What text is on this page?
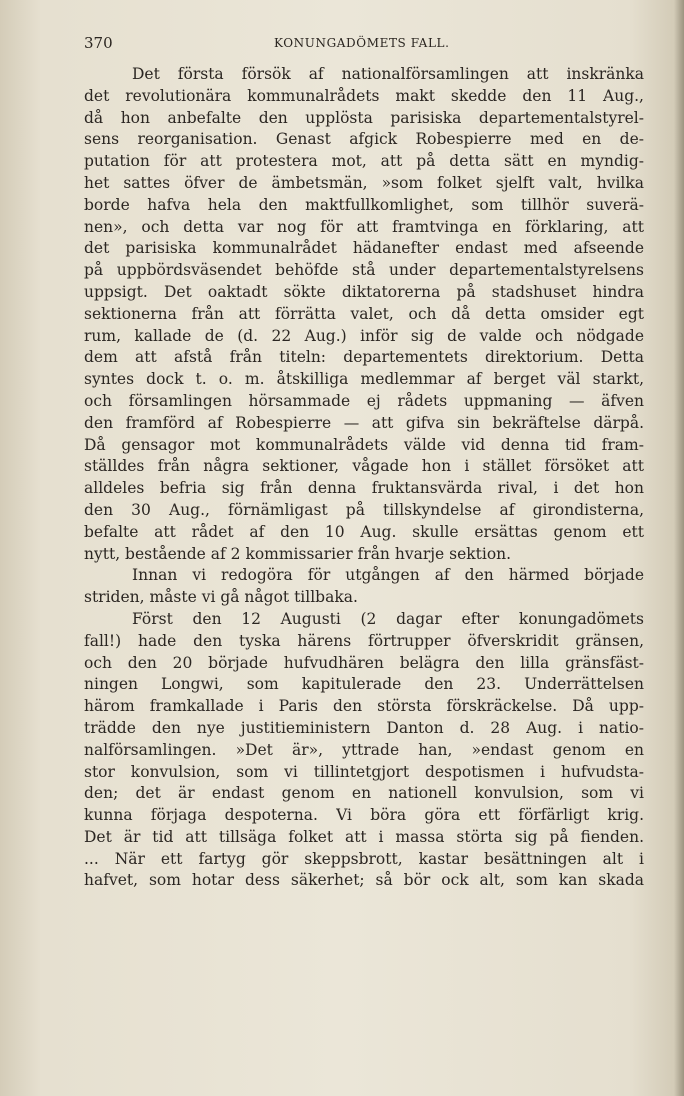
370	KONUNGADÖMETS FALL.
Det första försök af nationalförsamlingen att inskränka
det revolutionära kommunalrådets makt skedde den 11 Aug.,
då hon anbefalte den upplösta parisiska departementalstyrel-
sens reorganisation. Genast afgick Robespierre med en de-
putation för att protestera mot, att på detta sätt en myndig-
het sattes öfver de ämbetsmän, »som folket sjelft valt, hvilka
borde hafva hela den maktfullkomlighet, som tillhör suverä-
nen», och detta var nog för att framtvinga en förklaring, att
det parisiska kommunalrådet hädanefter endast med afseende
på uppbördsväsendet behöfde stå under departementalstyrelsens
uppsigt. Det oaktadt sökte diktatorerna på stadshuset hindra
sektionerna från att förrätta valet, och då detta omsider egt
rum, kallade de (d. 22 Aug.) inför sig de valde och nödgade
dem att afstå från titeln: departementets direktorium. Detta
syntes dock t. o. m. åtskilliga medlemmar af berget väl starkt,
och församlingen hörsammade ej rådets uppmaning — äfven
den framförd af Robespierre — att gifva sin bekräftelse därpå.
Då gensagor mot kommunalrådets välde vid denna tid fram-
ställdes från några sektioner, vågade hon i stället försöket att
alldeles befria sig från denna fruktansvärda rival, i det hon
den 30 Aug., förnämligast på tillskyndelse af girondisterna,
befalte att rådet af den 10 Aug. skulle ersättas genom ett
nytt, bestående af 2 kommissarier från hvarje sektion.
Innan vi redogöra för utgången af den härmed började
striden, måste vi gå något tillbaka.
Först den 12 Augusti (2 dagar efter konungadömets
fall!) hade den tyska härens förtrupper öfverskridit gränsen,
och den 20 började hufvudhären belägra den lilla gränsfäst-
ningen Longwi, som kapitulerade den 23. Underrättelsen
härom framkallade i Paris den största förskräckelse. Då upp-
trädde den nye justitieministern Danton d. 28 Aug. i natio-
nalförsamlingen. »Det är», yttrade han, »endast genom en
stor konvulsion, som vi tillintetgjort despotismen i hufvudsta-
den; det är endast genom en nationell konvulsion, som vi
kunna förjaga despoterna. Vi böra göra ett förfärligt krig.
Det är tid att tillsäga folket att i massa störta sig på fienden.
... När ett fartyg gör skeppsbrott, kastar besättningen alt i
hafvet, som hotar dess säkerhet; så bör ock alt, som kan skada
